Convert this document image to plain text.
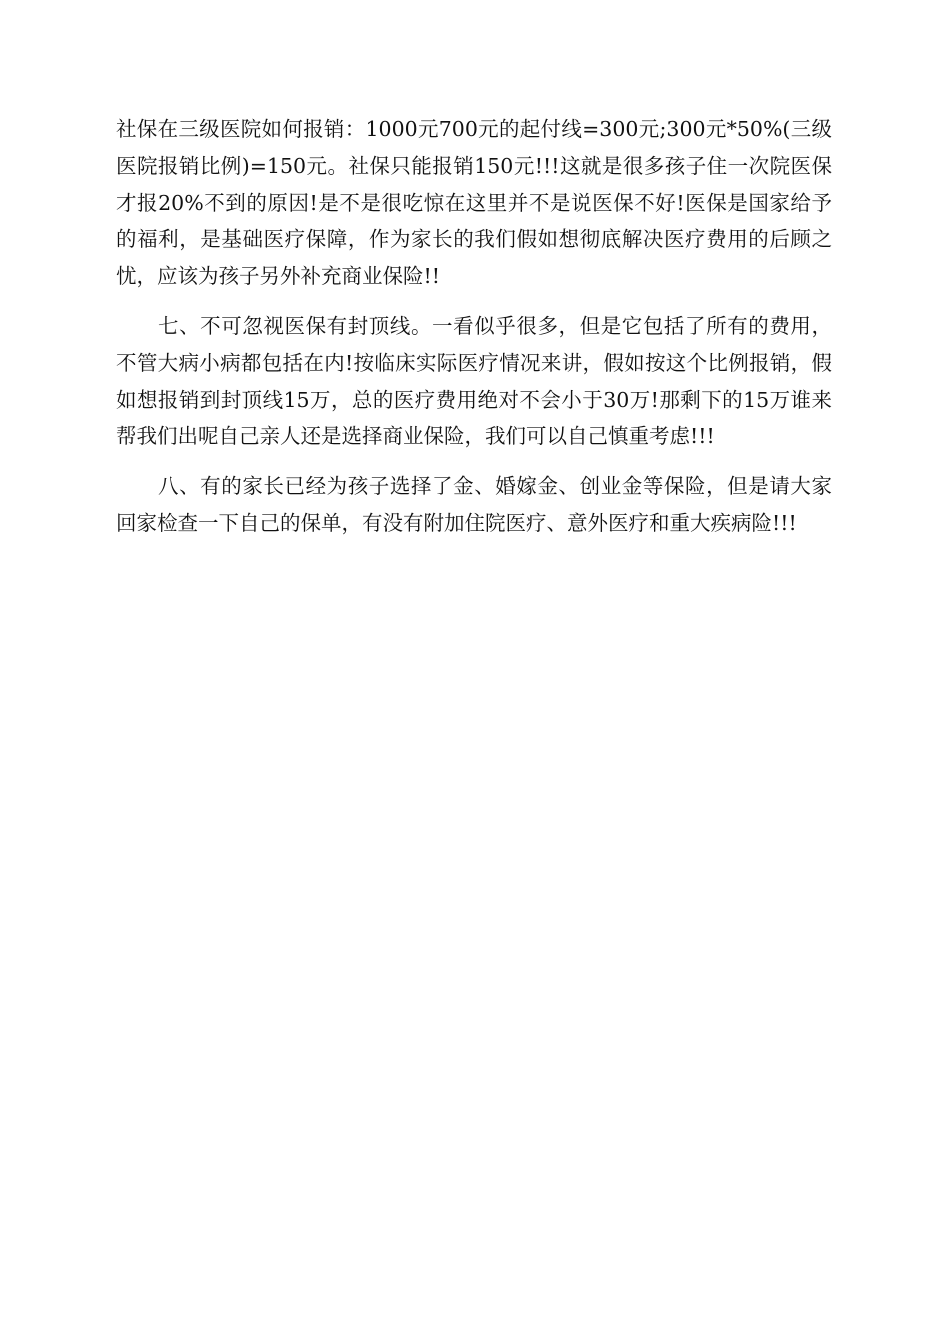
社保在三级医院如何报销：1000元700元的起付线=300元;300元*50%(三级医院报销比例)=150元。社保只能报销150元!!!这就是很多孩子住一次院医保才报20%不到的原因!是不是很吃惊在这里并不是说医保不好!医保是国家给予的福利，是基础医疗保障，作为家长的我们假如想彻底解决医疗费用的后顾之忧，应该为孩子另外补充商业保险!!

七、不可忽视医保有封顶线。一看似乎很多，但是它包括了所有的费用，不管大病小病都包括在内!按临床实际医疗情况来讲，假如按这个比例报销，假如想报销到封顶线15万，总的医疗费用绝对不会小于30万!那剩下的15万谁来帮我们出呢自己亲人还是选择商业保险，我们可以自己慎重考虑!!!

八、有的家长已经为孩子选择了金、婚嫁金、创业金等保险，但是请大家回家检查一下自己的保单，有没有附加住院医疗、意外医疗和重大疾病险!!!
